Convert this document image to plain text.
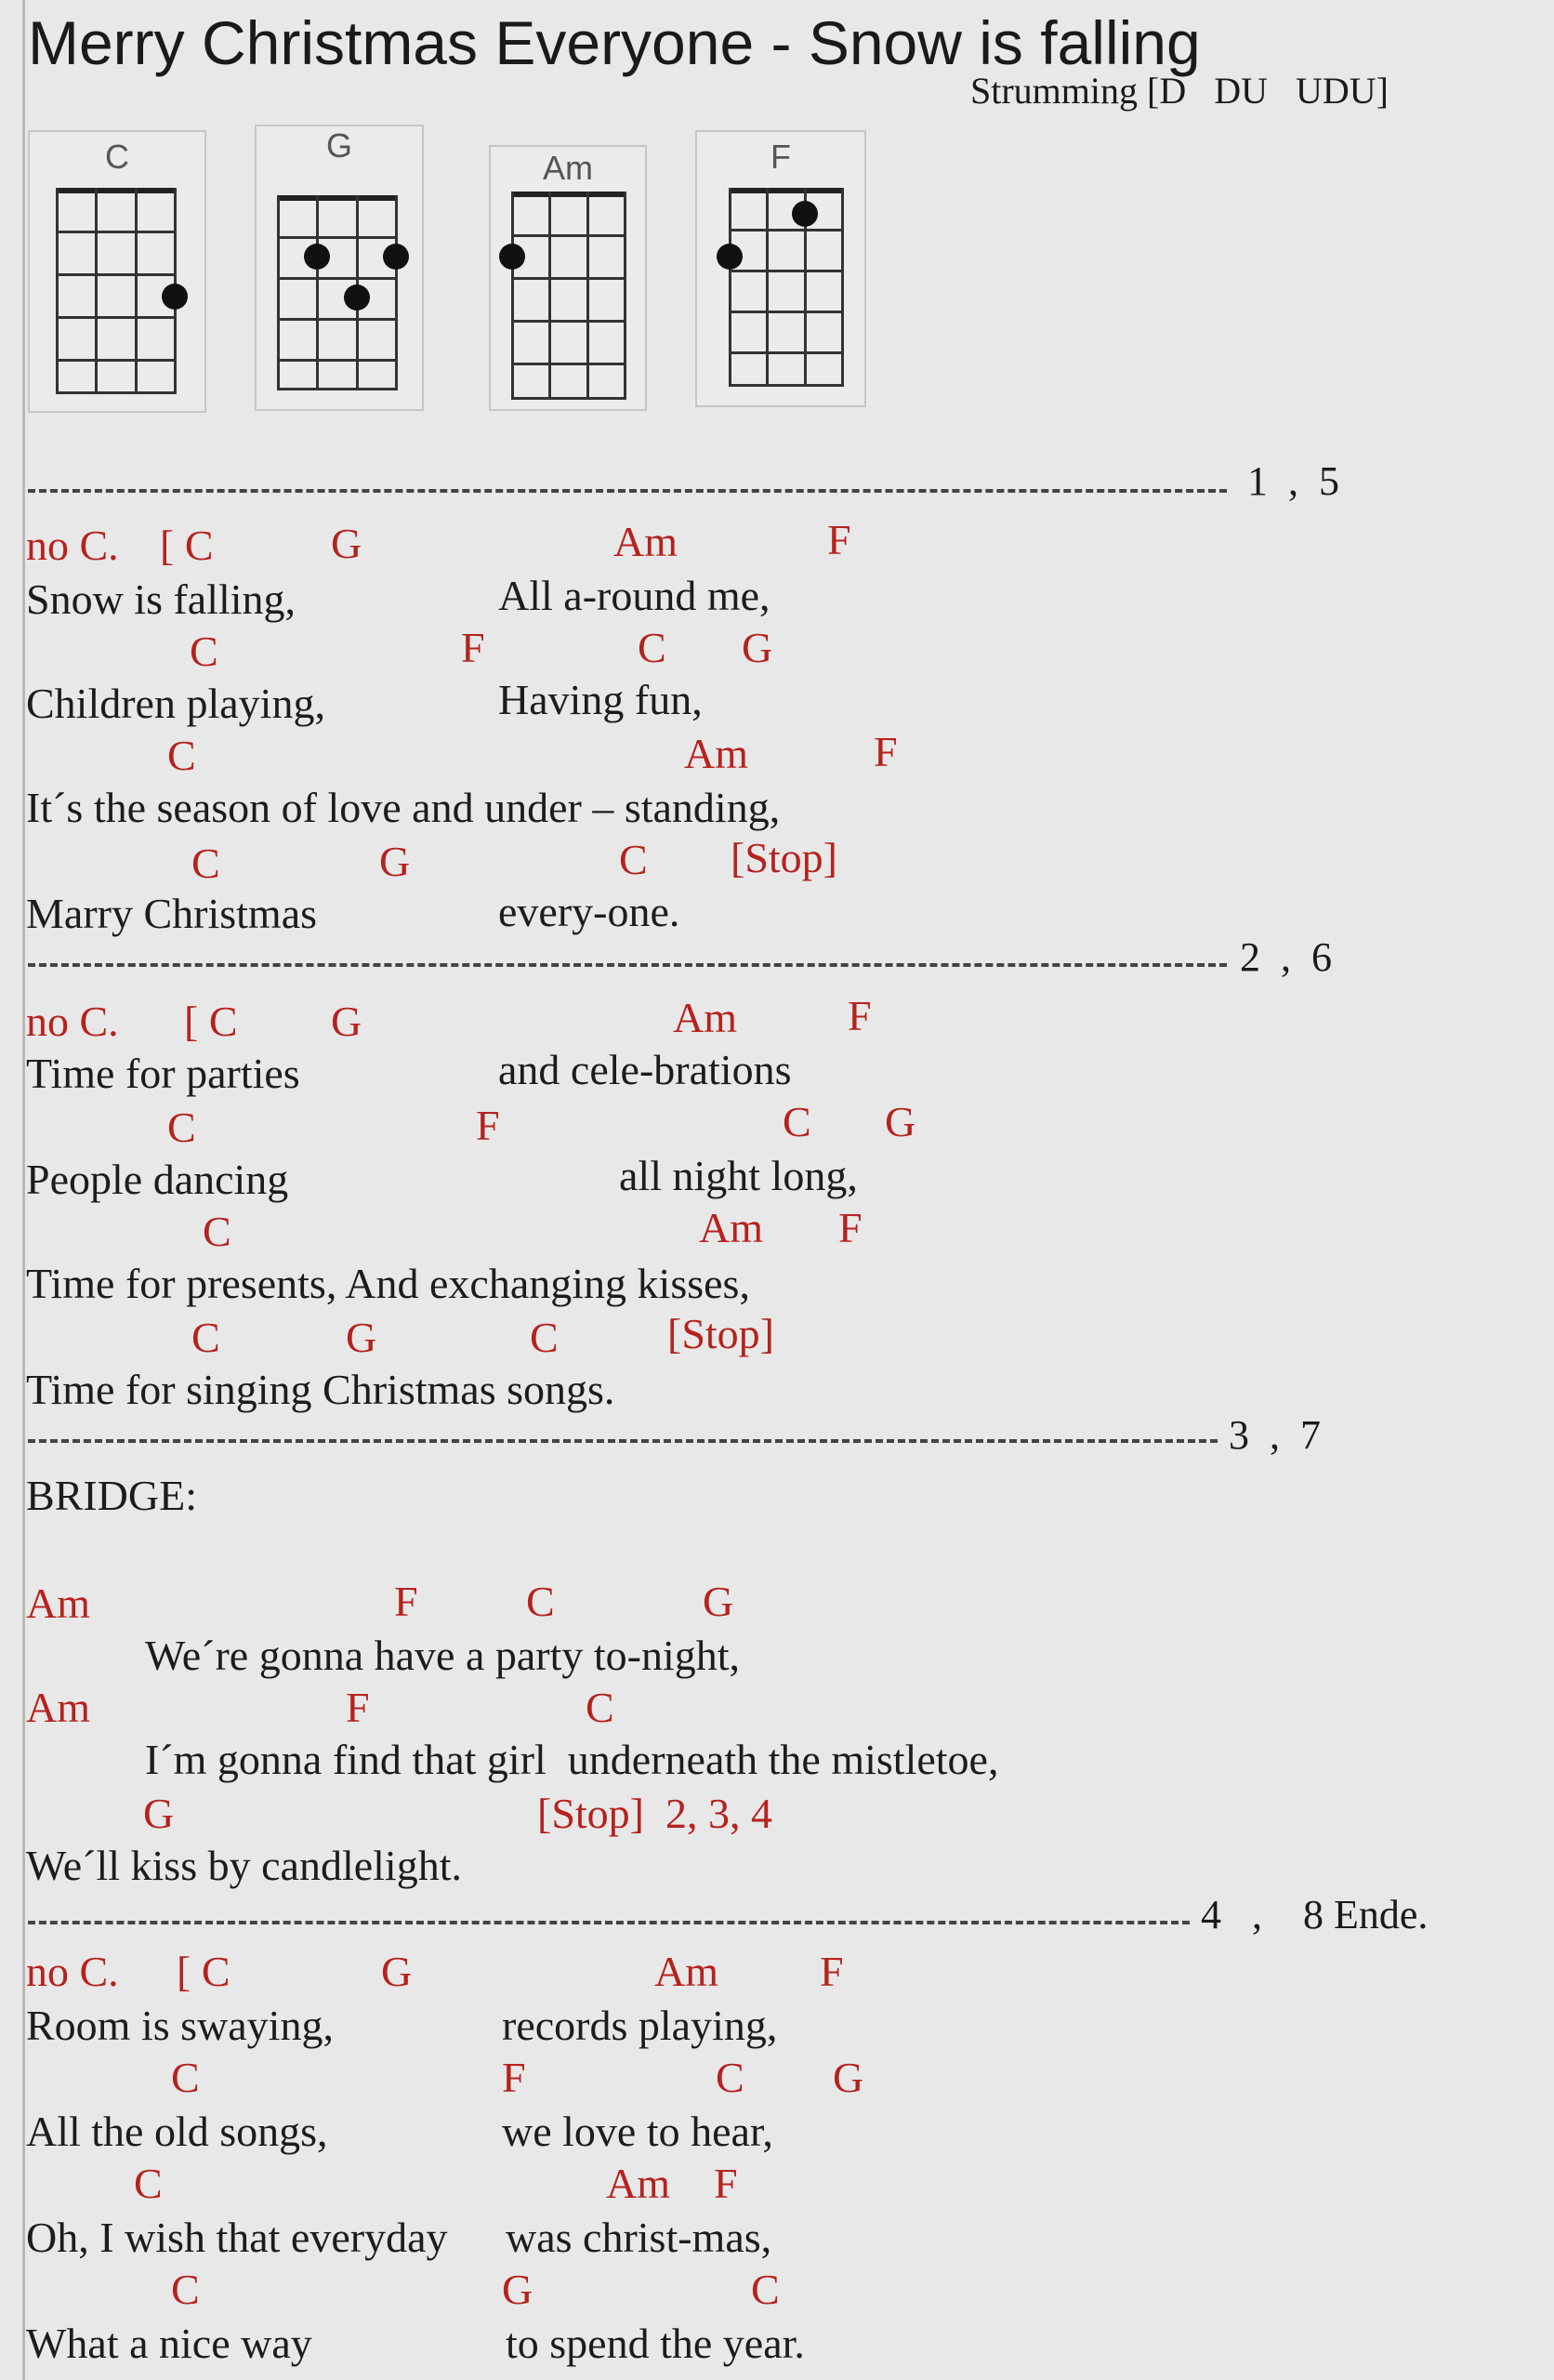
Merry Christmas Everyone - Snow is falling
Strumming [D   DU   UDU]
C	G
Am	F
1  ,  5
no C. [ C	G	Am	F
Snow is falling,	All a-round me,
C	F	C G
Children playing,	Having fun,
C	Am	F
It´s the season of love and under – standing,
C	G	C [Stop]
Marry Christmas	every-one.
2  ,  6
no C. [ C G	Am	F
Time for parties	and cele-brations
C	F	C G
People dancing	all night long,
C	Am F
Time for presents, And exchanging kisses,
C	G	C	[Stop]
Time for singing Christmas songs.
3  ,  7
BRIDGE:
Am	F	C	G
We´re gonna have a party to-night,
Am	F	C
I´m gonna find that girl  underneath the mistletoe,
G	[Stop]  2, 3, 4
We´ll kiss by candlelight.
4   ,    8 Ende.
no C. [ C	G	Am F
Room is swaying,	records playing,
C	F	C G
All the old songs,	we love to hear,
C	Am F
Oh, I wish that everyday was christ-mas,
C	G	C
What a nice way	to spend the year.
